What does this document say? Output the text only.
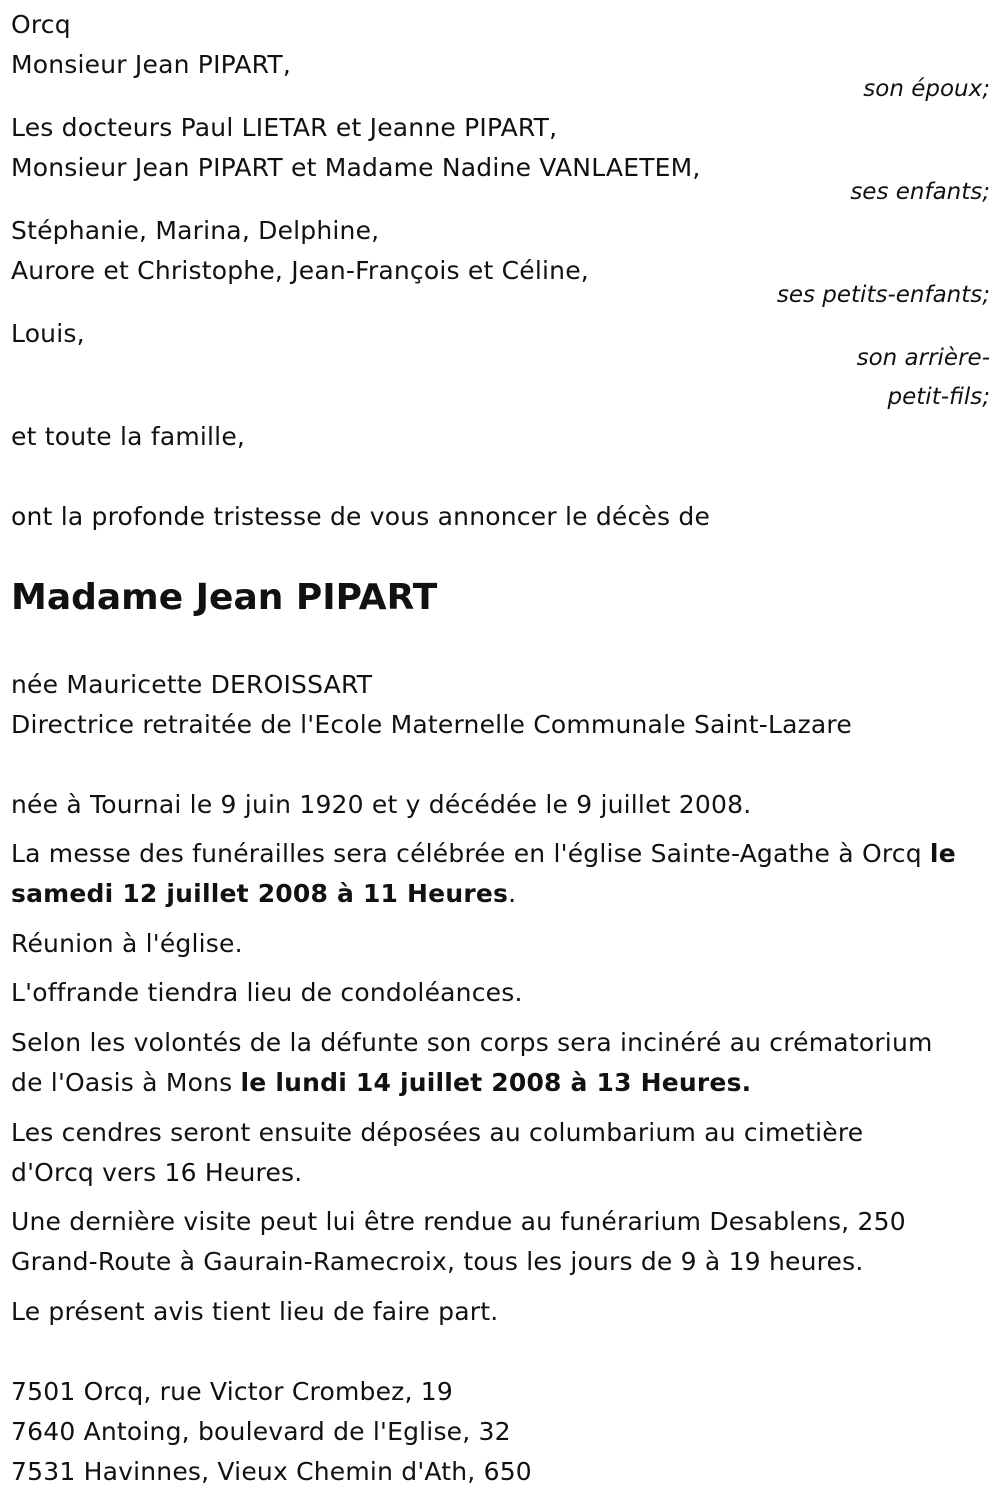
Orcq

Monsieur Jean PIPART,

son époux;

Les docteurs Paul LIETAR et Jeanne PIPART,

Monsieur Jean PIPART et Madame Nadine VANLAETEM,

ses enfants;

Stéphanie, Marina, Delphine,

Aurore et Christophe, Jean-François et Céline,

ses petits-enfants;

Louis,

son arrière-

petit-fils;

et toute la famille,

ont la profonde tristesse de vous annoncer le décès de

Madame Jean PIPART

née Mauricette DEROISSART

Directrice retraitée de l'Ecole Maternelle Communale Saint-Lazare

née à Tournai le 9 juin 1920 et y décédée le 9 juillet 2008.

La messe des funérailles sera célébrée en l'église Sainte-Agathe à Orcq le

samedi 12 juillet 2008 à 11 Heures.

Réunion à l'église.

L'offrande tiendra lieu de condoléances.

Selon les volontés de la défunte son corps sera incinéré au crématorium

de l'Oasis à Mons le lundi 14 juillet 2008 à 13 Heures.

Les cendres seront ensuite déposées au columbarium au cimetière

d'Orcq vers 16 Heures.

Une dernière visite peut lui être rendue au funérarium Desablens, 250

Grand-Route à Gaurain-Ramecroix, tous les jours de 9 à 19 heures.

Le présent avis tient lieu de faire part.

7501 Orcq, rue Victor Crombez, 19

7640 Antoing, boulevard de l'Eglise, 32

7531 Havinnes, Vieux Chemin d'Ath, 650
